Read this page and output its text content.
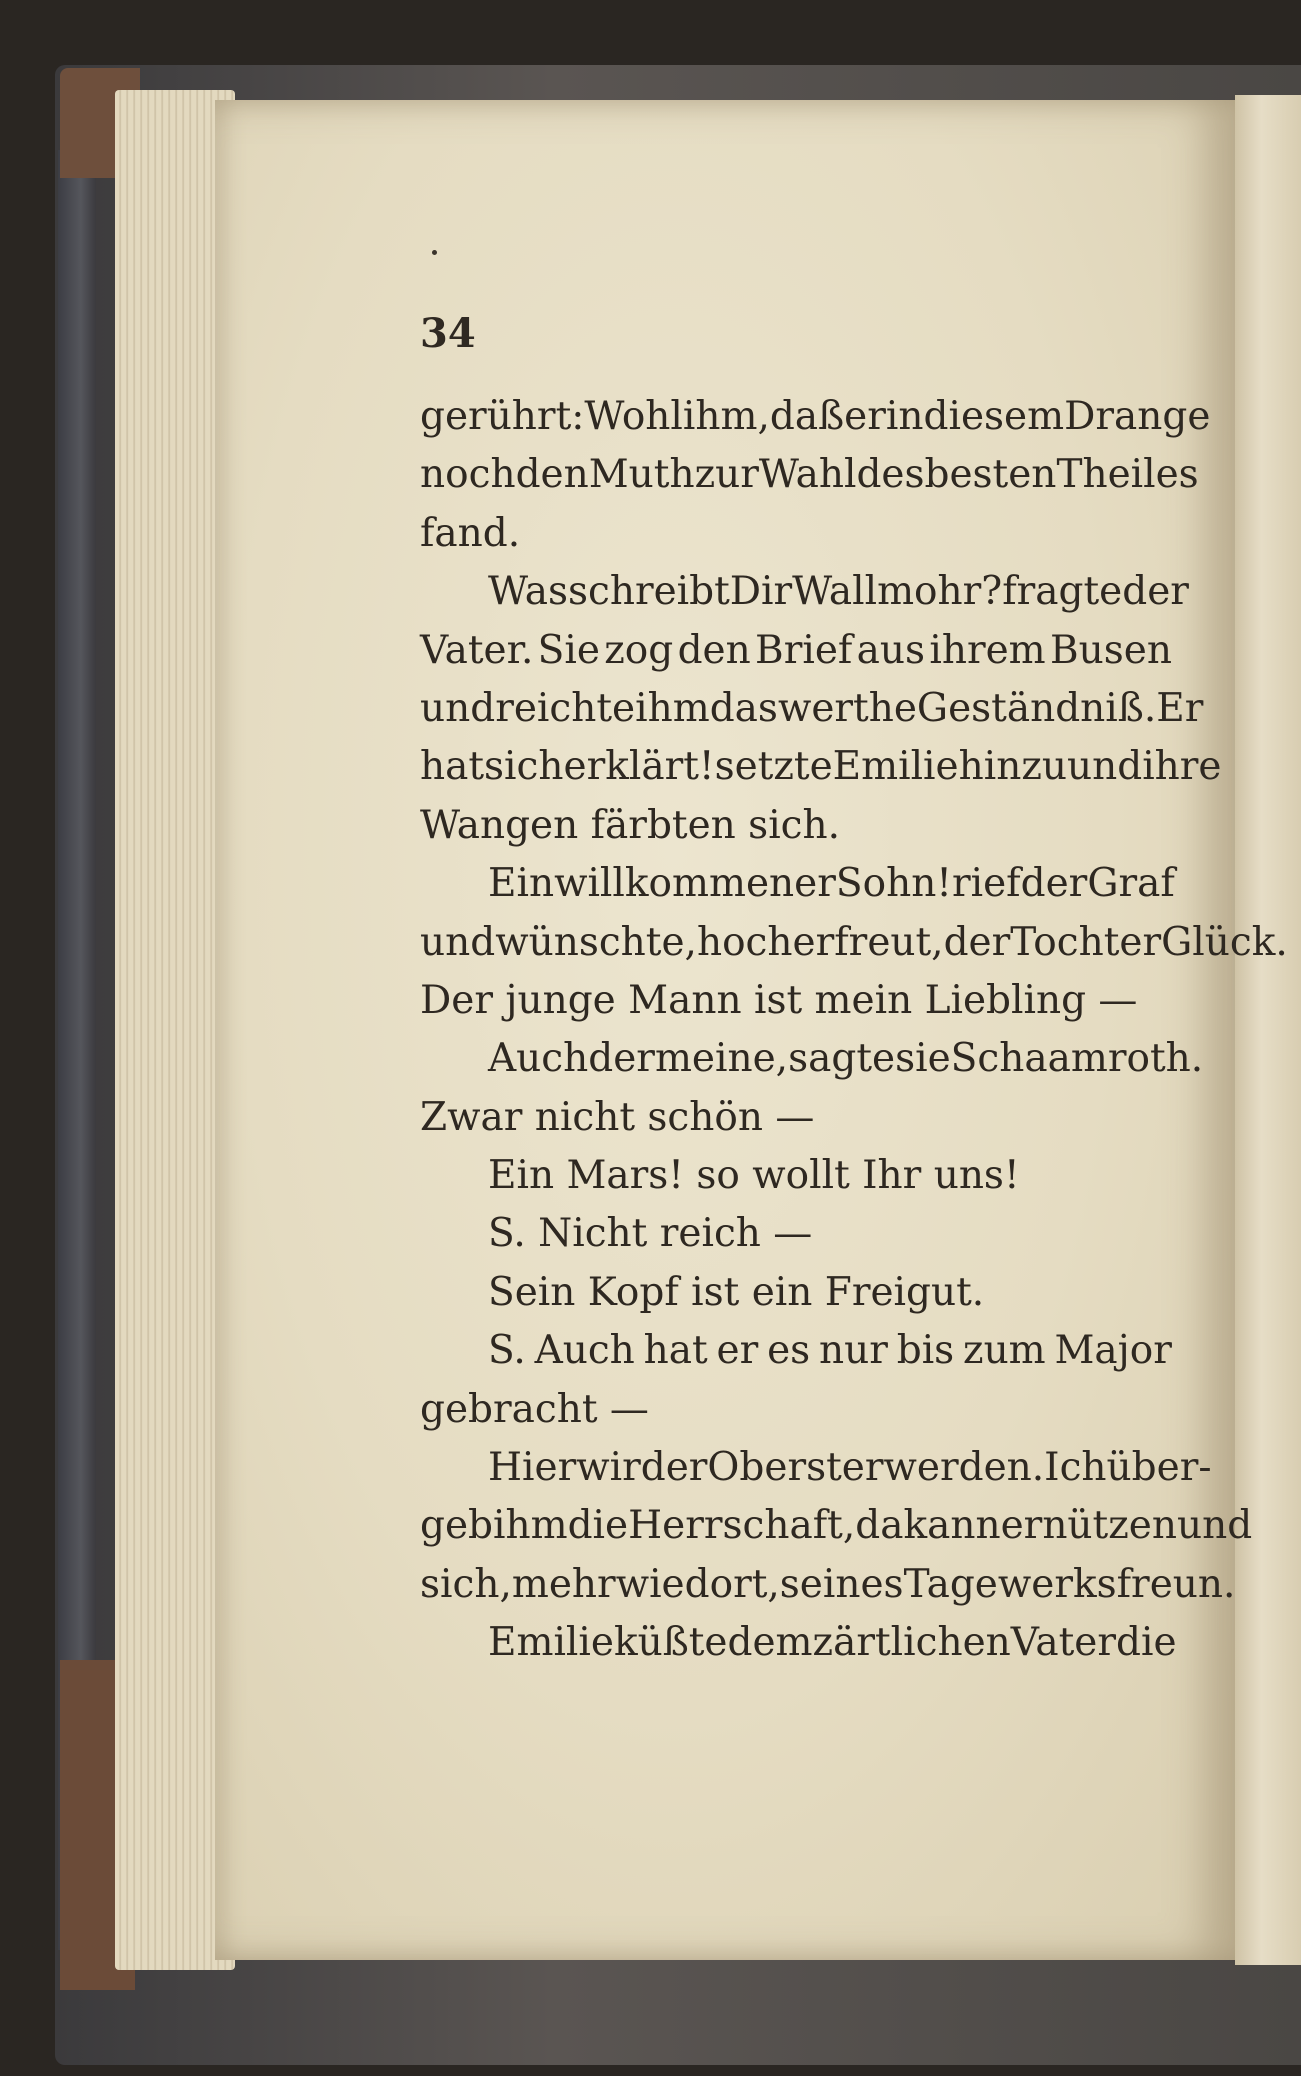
34
gerührt: Wohl ihm, daß er in diesem Drange
noch den Muth zur Wahl des besten Theiles
fand.
Was schreibt Dir Wallmohr? fragte der
Vater. Sie zog den Brief aus ihrem Busen
und reichte ihm das werthe Geständniß. Er
hat sich erklärt! setzte Emilie hinzu und ihre
Wangen färbten sich.
Ein willkommener Sohn! rief der Graf
und wünschte, hoch erfreut, der Tochter Glück.
Der junge Mann ist mein Liebling —
Auch der meine, sagte sie Schaamroth.
Zwar nicht schön —
Ein Mars! so wollt Ihr uns!
S. Nicht reich —
Sein Kopf ist ein Freigut.
S. Auch hat er es nur bis zum Major
gebracht —
Hier wird er Oberster werden. Ich über-
geb ihm die Herrschaft, da kann er nützen und
sich, mehr wie dort, seines Tagewerks freun.
Emilie küßte dem zärtlichen Vater die
